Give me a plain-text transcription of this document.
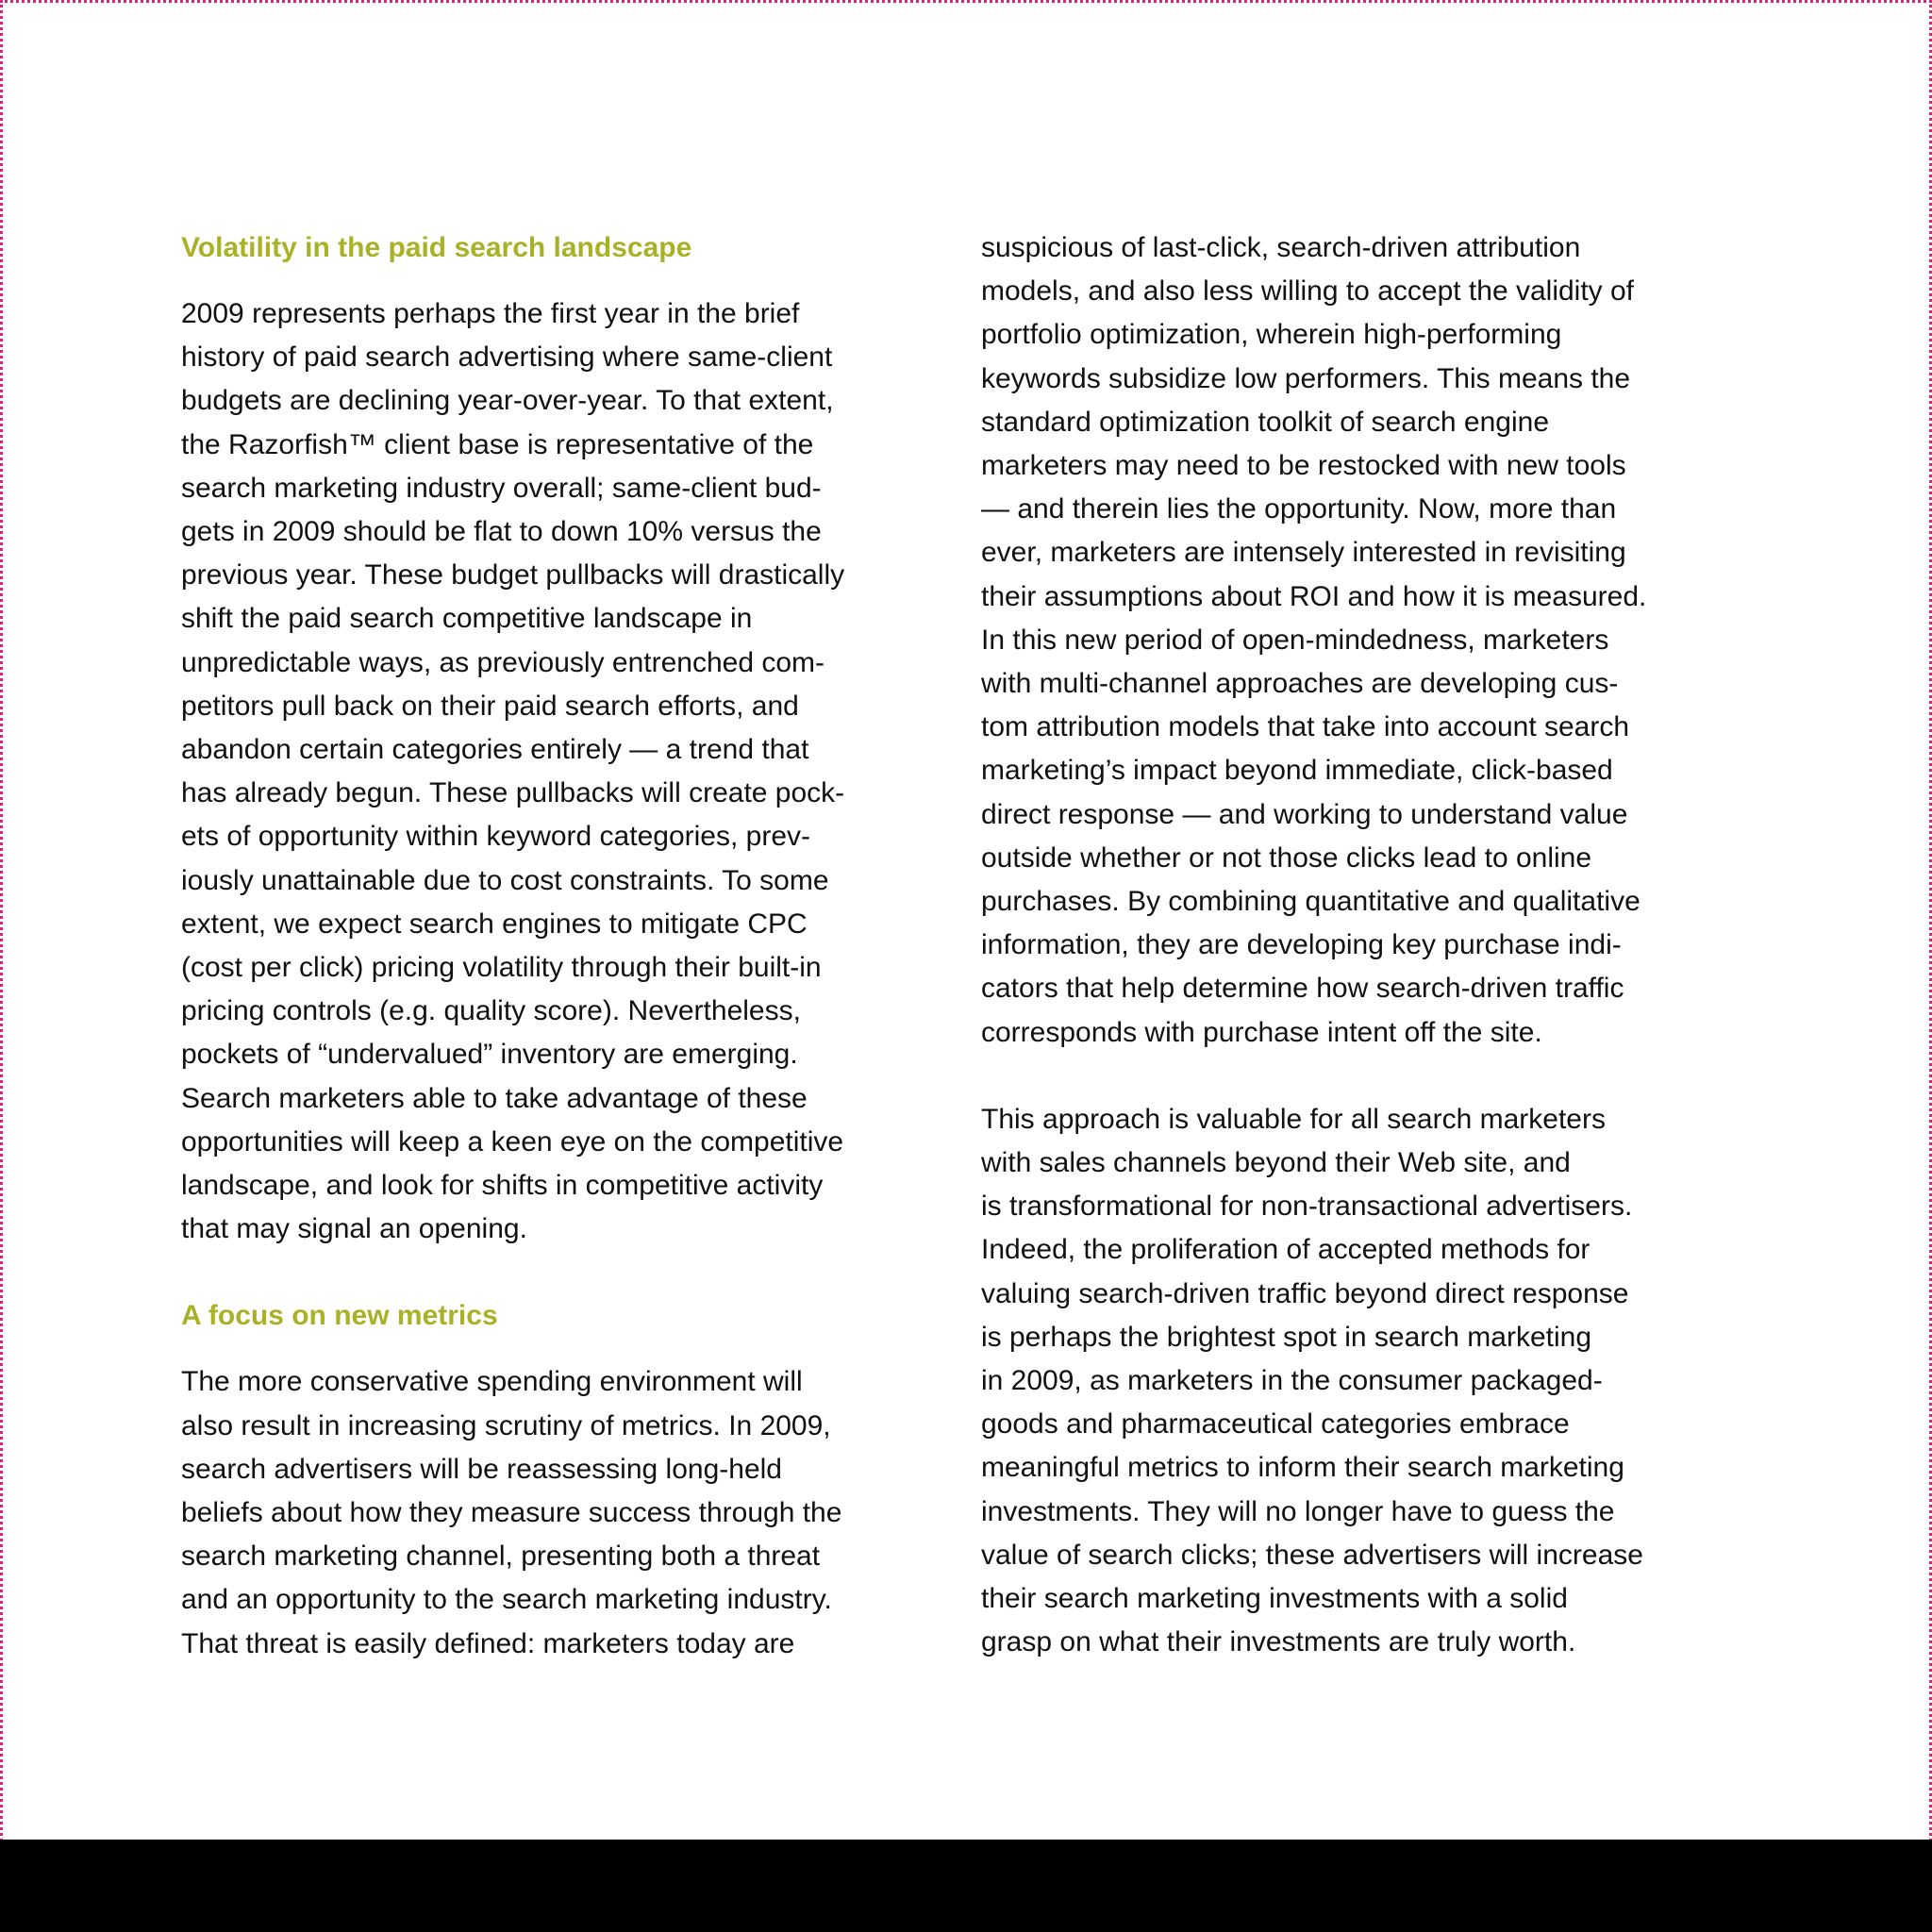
Volatility in the paid search landscape

2009 represents perhaps the first year in the brief
history of paid search advertising where same-client
budgets are declining year-over-year. To that extent,
the Razorfish™ client base is representative of the
search marketing industry overall; same-client bud-
gets in 2009 should be flat to down 10% versus the
previous year. These budget pullbacks will drastically
shift the paid search competitive landscape in
unpredictable ways, as previously entrenched com-
petitors pull back on their paid search efforts, and
abandon certain categories entirely — a trend that
has already begun. These pullbacks will create pock-
ets of opportunity within keyword categories, prev-
iously unattainable due to cost constraints. To some
extent, we expect search engines to mitigate CPC
(cost per click) pricing volatility through their built-in
pricing controls (e.g. quality score). Nevertheless,
pockets of “undervalued” inventory are emerging.
Search marketers able to take advantage of these
opportunities will keep a keen eye on the competitive
landscape, and look for shifts in competitive activity
that may signal an opening.

A focus on new metrics

The more conservative spending environment will
also result in increasing scrutiny of metrics. In 2009,
search advertisers will be reassessing long-held
beliefs about how they measure success through the
search marketing channel, presenting both a threat
and an opportunity to the search marketing industry.
That threat is easily defined: marketers today are

suspicious of last-click, search-driven attribution
models, and also less willing to accept the validity of
portfolio optimization, wherein high-performing
keywords subsidize low performers. This means the
standard optimization toolkit of search engine
marketers may need to be restocked with new tools
— and therein lies the opportunity. Now, more than
ever, marketers are intensely interested in revisiting
their assumptions about ROI and how it is measured.
In this new period of open-mindedness, marketers
with multi-channel approaches are developing cus-
tom attribution models that take into account search
marketing’s impact beyond immediate, click-based
direct response — and working to understand value
outside whether or not those clicks lead to online
purchases. By combining quantitative and qualitative
information, they are developing key purchase indi-
cators that help determine how search-driven traffic
corresponds with purchase intent off the site.

This approach is valuable for all search marketers
with sales channels beyond their Web site, and
is transformational for non-transactional advertisers.
Indeed, the proliferation of accepted methods for
valuing search-driven traffic beyond direct response
is perhaps the brightest spot in search marketing
in 2009, as marketers in the consumer packaged-
goods and pharmaceutical categories embrace
meaningful metrics to inform their search marketing
investments. They will no longer have to guess the
value of search clicks; these advertisers will increase
their search marketing investments with a solid
grasp on what their investments are truly worth.
